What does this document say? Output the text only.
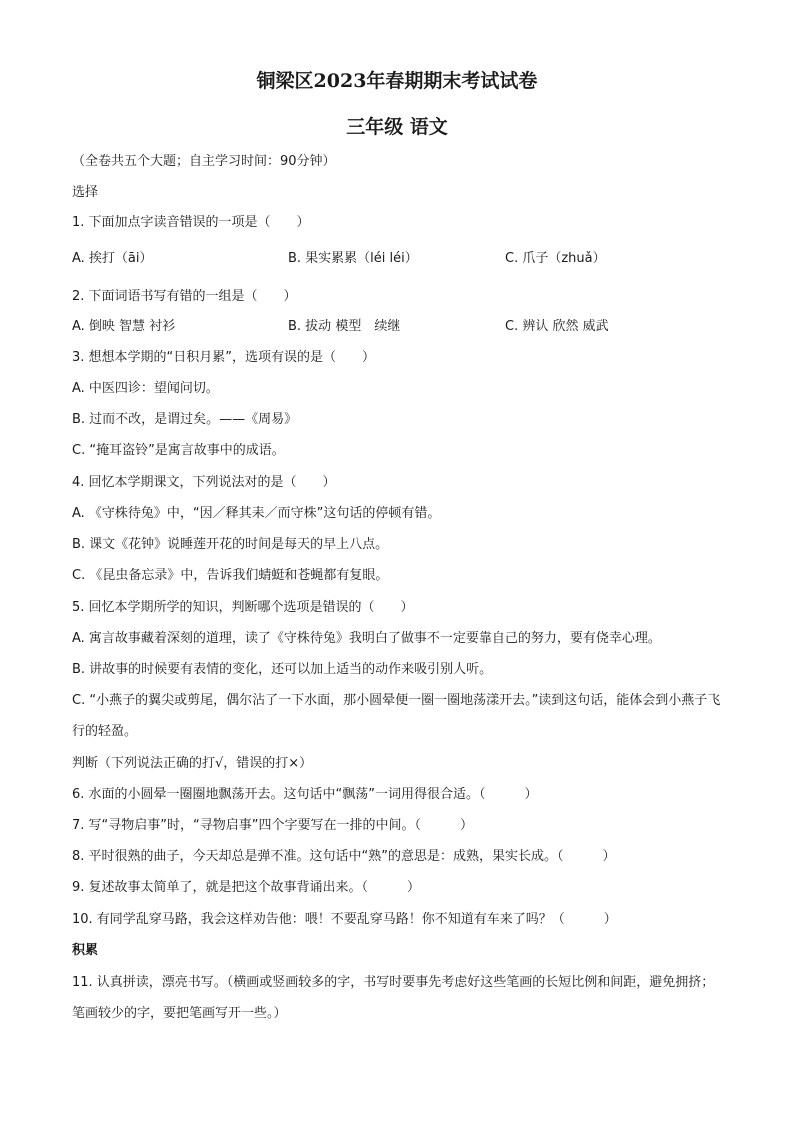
铜梁区2023年春期期末考试试卷
三年级 语文
（全卷共五个大题；自主学习时间：90分钟）
选择
1. 下面加点字读音错误的一项是（　　）
A. 挨打（āi）	B. 果实累累（léi léi）	C. 爪子（zhuǎ）
2. 下面词语书写有错的一组是（　　）
A. 倒映 智慧 衬衫	B. 拔动 模型　续继	C. 辨认 欣然 威武
3. 想想本学期的“日积月累”，选项有误的是（　　）
A. 中医四诊：望闻问切。
B. 过而不改，是谓过矣。——《周易》
C. “掩耳盗铃”是寓言故事中的成语。
4. 回忆本学期课文，下列说法对的是（　　）
A. 《守株待兔》中，“因／释其耒／而守株”这句话的停顿有错。
B. 课文《花钟》说睡莲开花的时间是每天的早上八点。
C. 《昆虫备忘录》中，告诉我们蜻蜓和苍蝇都有复眼。
5. 回忆本学期所学的知识，判断哪个选项是错误的（　　）
A. 寓言故事藏着深刻的道理，读了《守株待兔》我明白了做事不一定要靠自己的努力，要有侥幸心理。
B. 讲故事的时候要有表情的变化，还可以加上适当的动作来吸引别人听。
C. “小燕子的翼尖或剪尾，偶尔沾了一下水面，那小圆晕便一圈一圈地荡漾开去。”读到这句话，能体会到小燕子飞行的轻盈。
判断（下列说法正确的打√，错误的打×）
6. 水面的小圆晕一圈圈地飘荡开去。这句话中“飘荡”一词用得很合适。（　　　）
7. 写“寻物启事”时，“寻物启事”四个字要写在一排的中间。（　　　）
8. 平时很熟的曲子，今天却总是弹不准。这句话中“熟”的意思是：成熟，果实长成。（　　　）
9. 复述故事太简单了，就是把这个故事背诵出来。（　　　）
10. 有同学乱穿马路，我会这样劝告他：喂！不要乱穿马路！你不知道有车来了吗？（　　　）
积累
11. 认真拼读，漂亮书写。（横画或竖画较多的字，书写时要事先考虑好这些笔画的长短比例和间距，避免拥挤；笔画较少的字，要把笔画写开一些。）
